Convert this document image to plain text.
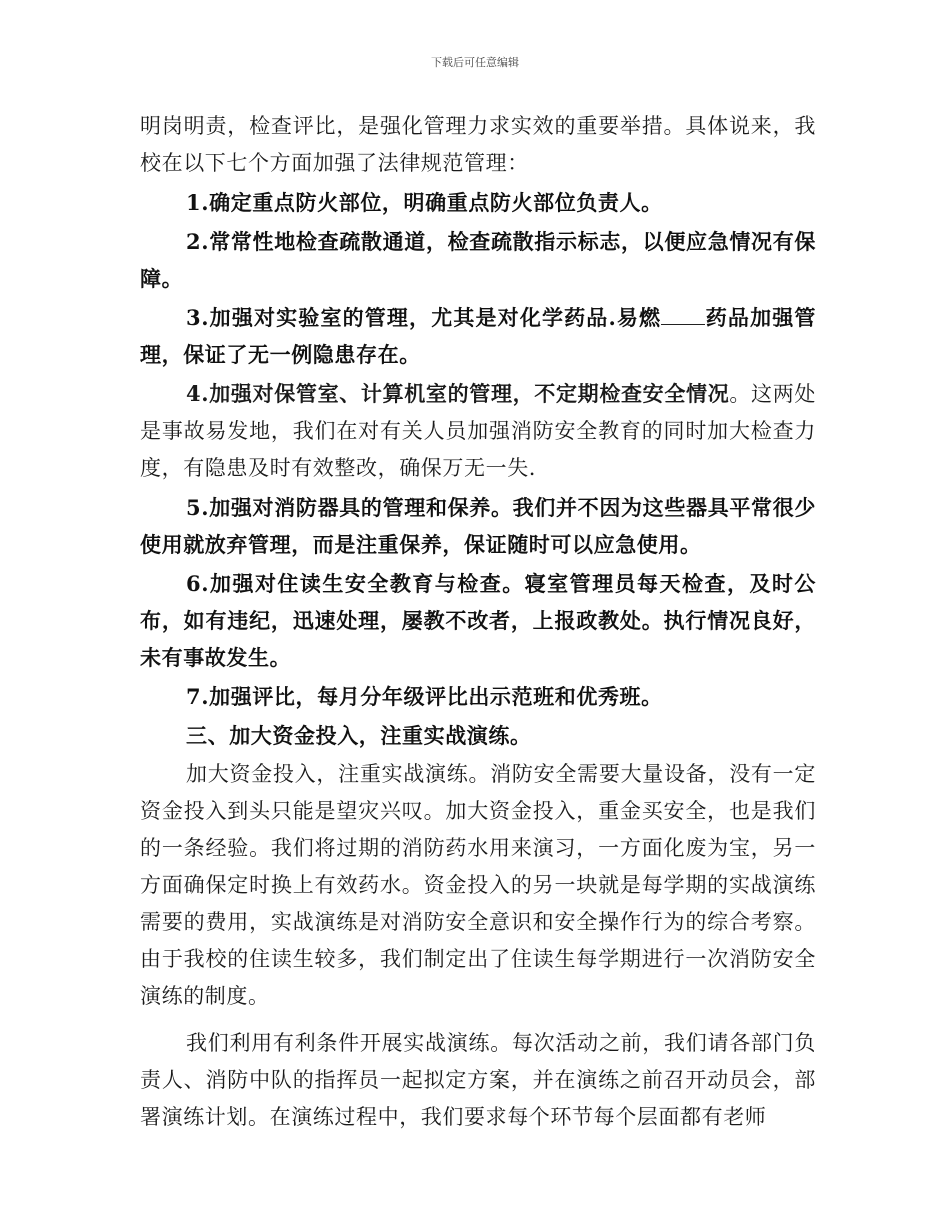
下载后可任意编辑

明岗明责，检查评比，是强化管理力求实效的重要举措。具体说来，我校在以下七个方面加强了法律规范管理：

1.确定重点防火部位，明确重点防火部位负责人。

2.常常性地检查疏散通道，检查疏散指示标志，以便应急情况有保障。

3.加强对实验室的管理，尤其是对化学药品.易燃 药品加强管理，保证了无一例隐患存在。

4.加强对保管室、计算机室的管理，不定期检查安全情况。这两处是事故易发地，我们在对有关人员加强消防安全教育的同时加大检查力度，有隐患及时有效整改，确保万无一失.

5.加强对消防器具的管理和保养。我们并不因为这些器具平常很少使用就放弃管理，而是注重保养，保证随时可以应急使用。

6.加强对住读生安全教育与检查。寝室管理员每天检查，及时公布，如有违纪，迅速处理，屡教不改者，上报政教处。执行情况良好，未有事故发生。

7.加强评比，每月分年级评比出示范班和优秀班。

三、加大资金投入，注重实战演练。

加大资金投入，注重实战演练。消防安全需要大量设备，没有一定资金投入到头只能是望灾兴叹。加大资金投入，重金买安全，也是我们的一条经验。我们将过期的消防药水用来演习，一方面化废为宝，另一方面确保定时换上有效药水。资金投入的另一块就是每学期的实战演练需要的费用，实战演练是对消防安全意识和安全操作行为的综合考察。由于我校的住读生较多，我们制定出了住读生每学期进行一次消防安全演练的制度。

我们利用有利条件开展实战演练。每次活动之前，我们请各部门负责人、消防中队的指挥员一起拟定方案，并在演练之前召开动员会，部署演练计划。在演练过程中，我们要求每个环节每个层面都有老师
